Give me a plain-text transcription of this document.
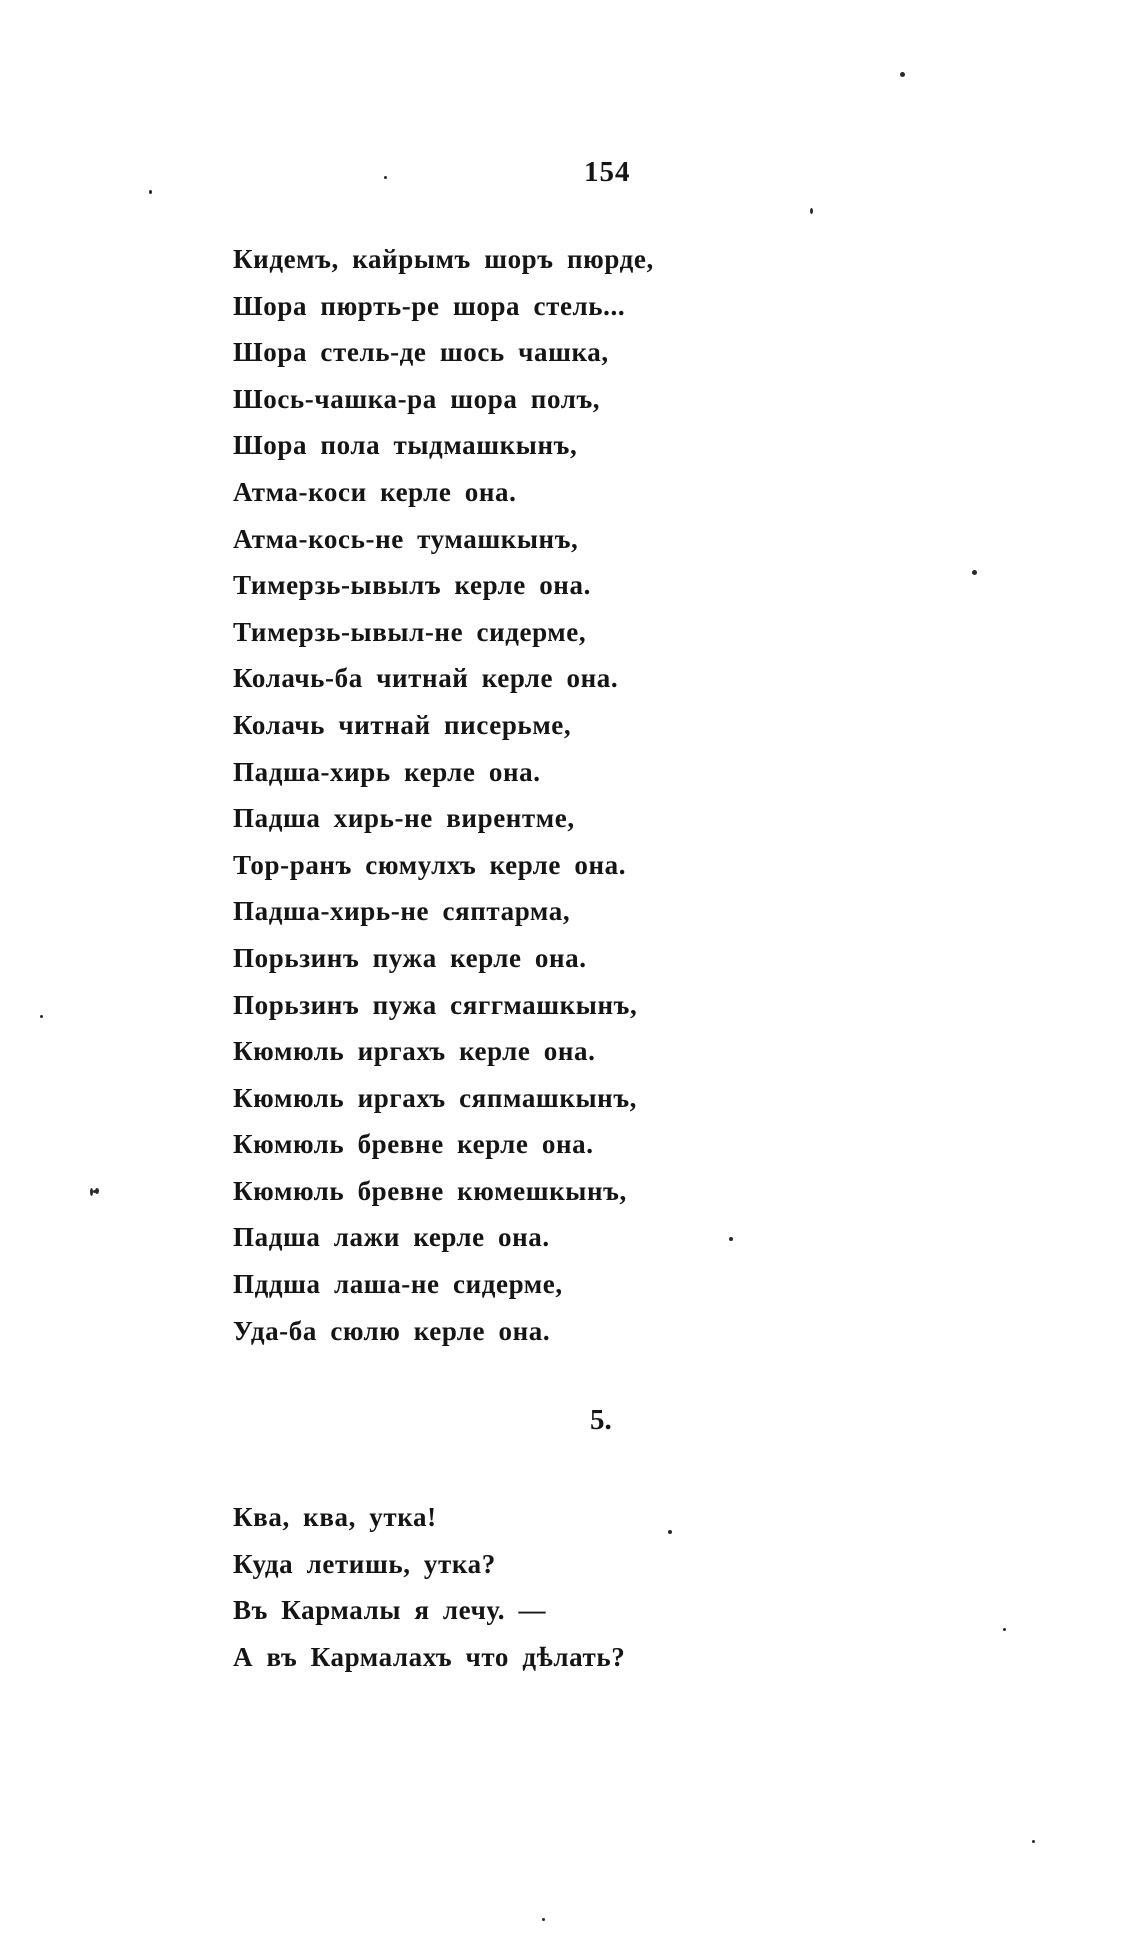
154
Кидемъ, кайрымъ шоръ пюрде,
Шора пюрть-ре шора стель...
Шора стель-де шось чашка,
Шось-чашка-ра шора полъ,
Шора пола тыдмашкынъ,
Атма-коси керле она.
Атма-кось-не тумашкынъ,
Тимерзь-ывылъ керле она.
Тимерзь-ывыл-не сидерме,
Колачь-ба читнай керле она.
Колачь читнай писерьме,
Падша-хирь керле она.
Падша хирь-не вирентме,
Тор-ранъ сюмулхъ керле она.
Падша-хирь-не сяптарма,
Порьзинъ пужа керле она.
Порьзинъ пужа сяггмашкынъ,
Кюмюль иргахъ керле она.
Кюмюль иргахъ сяпмашкынъ,
Кюмюль бревне керле она.
Кюмюль бревне кюмешкынъ,
Падша лажи керле она.
Пддша лаша-не сидерме,
Уда-ба сюлю керле она.
5.
Ква, ква, утка!
Куда летишь, утка?
Въ Кармалы я лечу. —
А въ Кармалахъ что дѣлать?
